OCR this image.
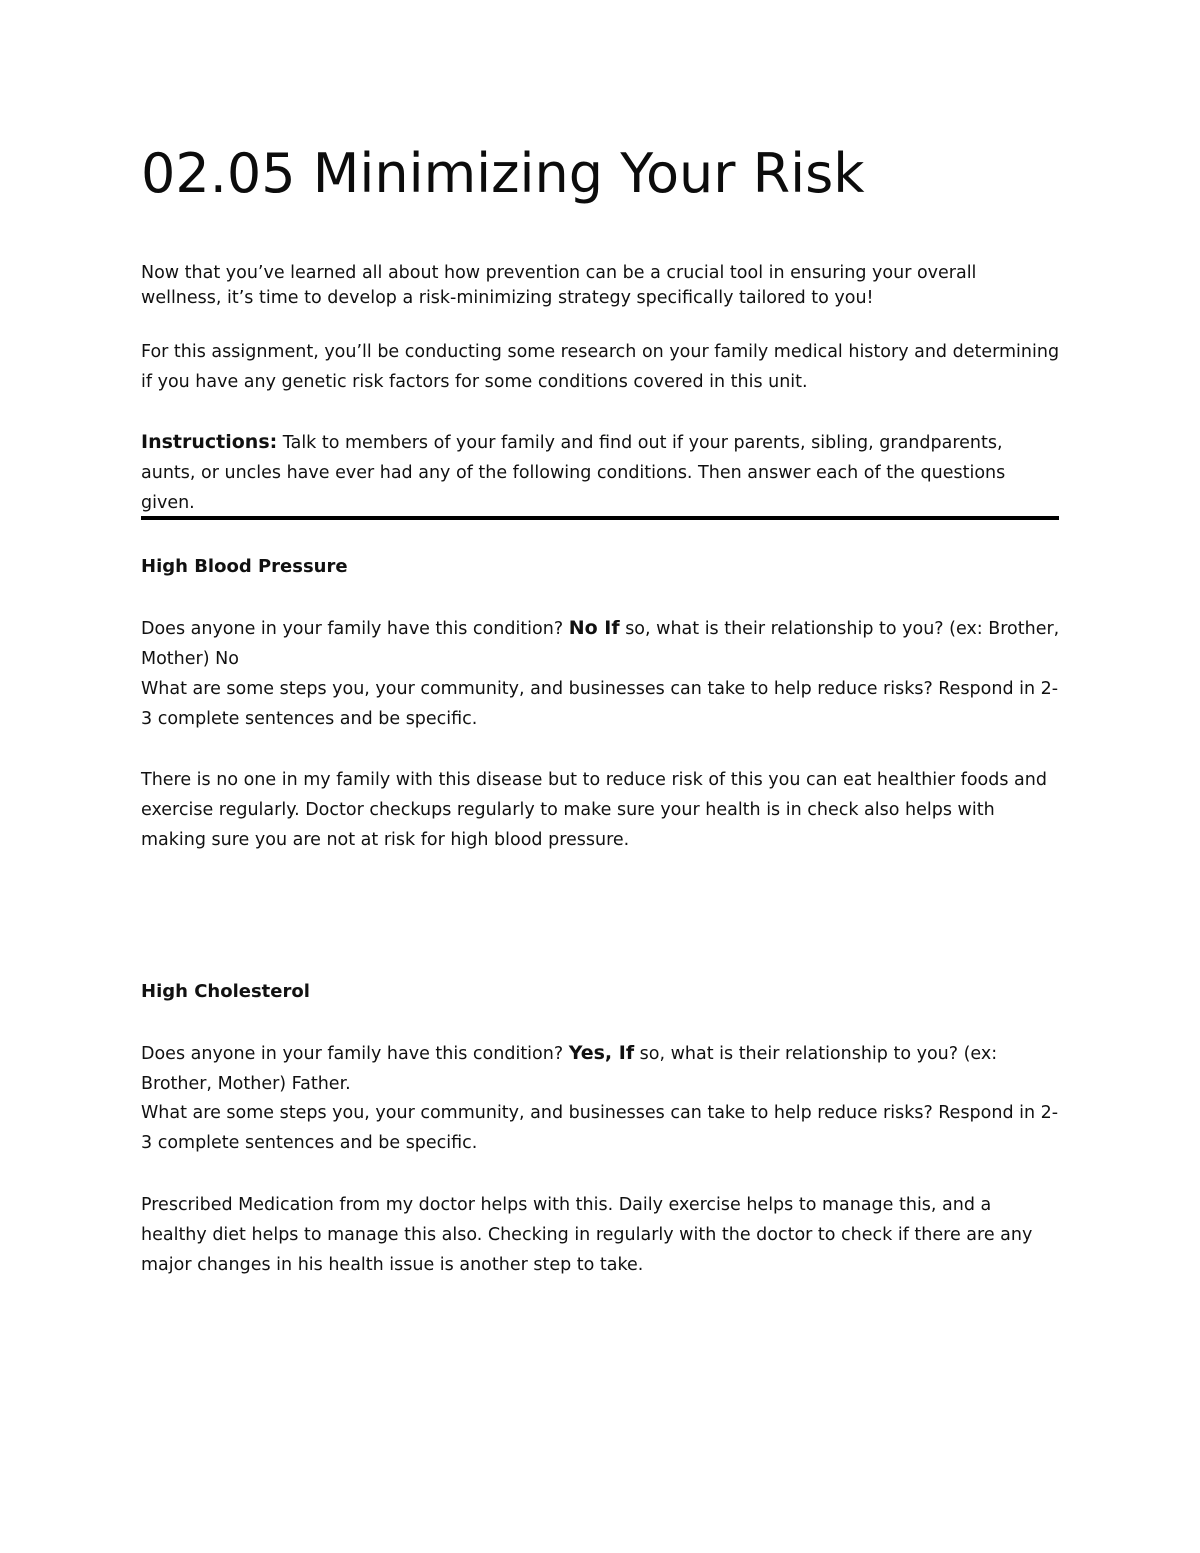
02.05 Minimizing Your Risk

Now that you’ve learned all about how prevention can be a crucial tool in ensuring your overall wellness, it’s time to develop a risk-minimizing strategy specifically tailored to you!

For this assignment, you’ll be conducting some research on your family medical history and determining if you have any genetic risk factors for some conditions covered in this unit.

Instructions: Talk to members of your family and find out if your parents, sibling, grandparents, aunts, or uncles have ever had any of the following conditions. Then answer each of the questions given.

High Blood Pressure

Does anyone in your family have this condition? No If so, what is their relationship to you? (ex: Brother, Mother) No

What are some steps you, your community, and businesses can take to help reduce risks? Respond in 2-3 complete sentences and be specific.

There is no one in my family with this disease but to reduce risk of this you can eat healthier foods and exercise regularly. Doctor checkups regularly to make sure your health is in check also helps with making sure you are not at risk for high blood pressure.

High Cholesterol

Does anyone in your family have this condition? Yes, If so, what is their relationship to you? (ex: Brother, Mother) Father.

What are some steps you, your community, and businesses can take to help reduce risks? Respond in 2-3 complete sentences and be specific.

Prescribed Medication from my doctor helps with this. Daily exercise helps to manage this, and a healthy diet helps to manage this also. Checking in regularly with the doctor to check if there are any major changes in his health issue is another step to take.
